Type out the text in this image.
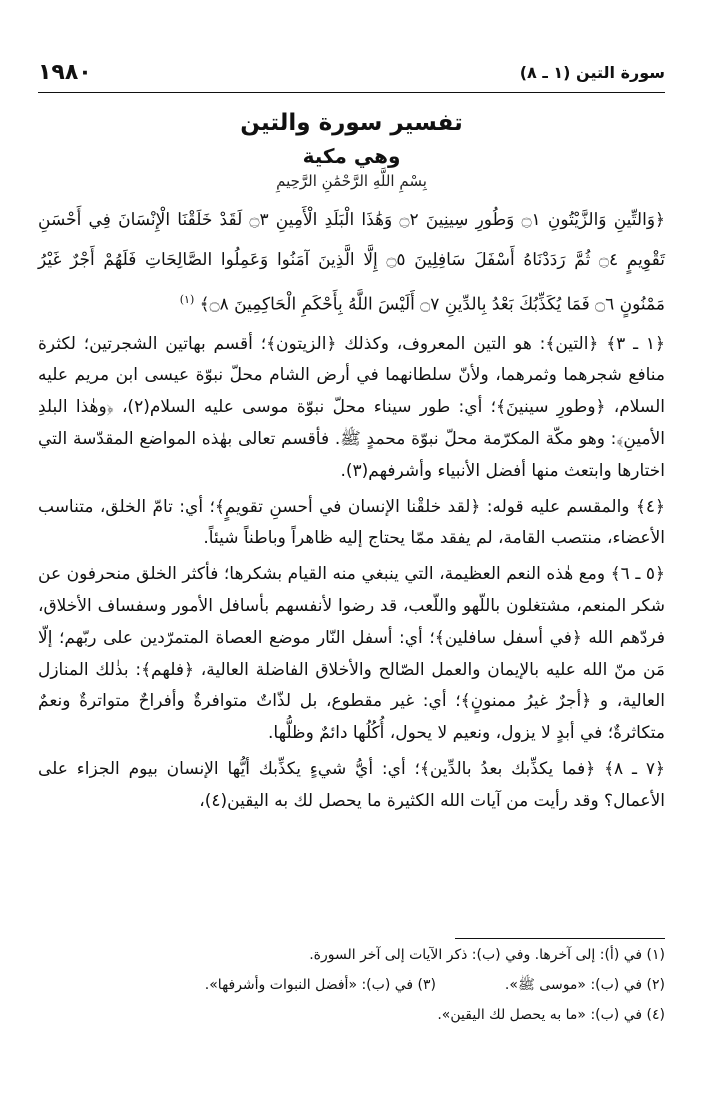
١٩٨٠	سورة التين (١ ـ ٨)
تفسير سورة والتين
وهي مكية
بِسْمِ اللَّهِ الرَّحْمَٰنِ الرَّحِيمِ
﴿وَالتِّينِ وَالزَّيْتُونِ ۝١ وَطُورِ سِينِينَ ۝٢ وَهَٰذَا الْبَلَدِ الْأَمِينِ ۝٣ لَقَدْ خَلَقْنَا الْإِنْسَانَ فِي أَحْسَنِ تَقْوِيمٍ ۝٤ ثُمَّ رَدَدْنَاهُ أَسْفَلَ سَافِلِينَ ۝٥ إِلَّا الَّذِينَ آمَنُوا وَعَمِلُوا الصَّالِحَاتِ فَلَهُمْ أَجْرٌ غَيْرُ مَمْنُونٍ ۝٦ فَمَا يُكَذِّبُكَ بَعْدُ بِالدِّينِ ۝٧ أَلَيْسَ اللَّهُ بِأَحْكَمِ الْحَاكِمِينَ ۝٨﴾ $^{(١)}$

﴿١ ـ ٣﴾ ﴿التين﴾: هو التين المعروف، وكذلك ﴿الزيتون﴾؛ أقسم بهاتين الشجرتين؛ لكثرة منافع شجرهما وثمرهما، ولأنّ سلطانهما في أرض الشام محلّ نبوّة عيسى ابن مريم عليه السلام، ﴿وطورِ سينينَ﴾؛ أي: طور سيناء محلّ نبوّة موسى عليه السلام(٢)، ﴿وهٰذا البلدِ الأمينِ﴾: وهو مكّة المكرّمة محلّ نبوّة محمدٍ ﷺ. فأقسم تعالى بهٰذه المواضع المقدّسة التي اختارها وابتعث منها أفضل الأنبياء وأشرفهم(٣).

﴿٤﴾ والمقسم عليه قوله: ﴿لقد خلقْنا الإنسان في أحسنِ تقويمٍ﴾؛ أي: تامّ الخلق، متناسب الأعضاء، منتصب القامة، لم يفقد ممّا يحتاج إليه ظاهراً وباطناً شيئاً.

﴿٥ ـ ٦﴾ ومع هٰذه النعم العظيمة، التي ينبغي منه القيام بشكرها؛ فأكثر الخلق منحرفون عن شكر المنعم، مشتغلون باللّهو واللّعب، قد رضوا لأنفسهم بأسافل الأمور وسفساف الأخلاق، فردّهم الله ﴿في أسفل سافلين﴾؛ أي: أسفل النّار موضع العصاة المتمرّدين على ربّهم؛ إلّا مَن منّ الله عليه بالإيمان والعمل الصّالح والأخلاق الفاضلة العالية، ﴿فلهم﴾: بذٰلك المنازل العالية، و ﴿أجرٌ غيرُ ممنونٍ﴾؛ أي: غير مقطوع، بل لذّاتٌ متوافرةٌ وأفراحٌ متواترةٌ ونعمٌ متكاثرةٌ؛ في أبدٍ لا يزول، ونعيم لا يحول، أُكُلُها دائمٌ وظلُّها.

﴿٧ ـ ٨﴾ ﴿فما يكذِّبك بعدُ بالدِّين﴾؛ أي: أيُّ شيءٍ يكذِّبك أيُّها الإنسان بيوم الجزاء على الأعمال؟ وقد رأيت من آيات الله الكثيرة ما يحصل لك به اليقين(٤)،

(١) في (أ): إلى آخرها. وفي (ب): ذكر الآيات إلى آخر السورة.
(٢) في (ب): «موسى ﷺ».  (٣) في (ب): «أفضل النبوات وأشرفها».
(٤) في (ب): «ما به يحصل لك اليقين».
